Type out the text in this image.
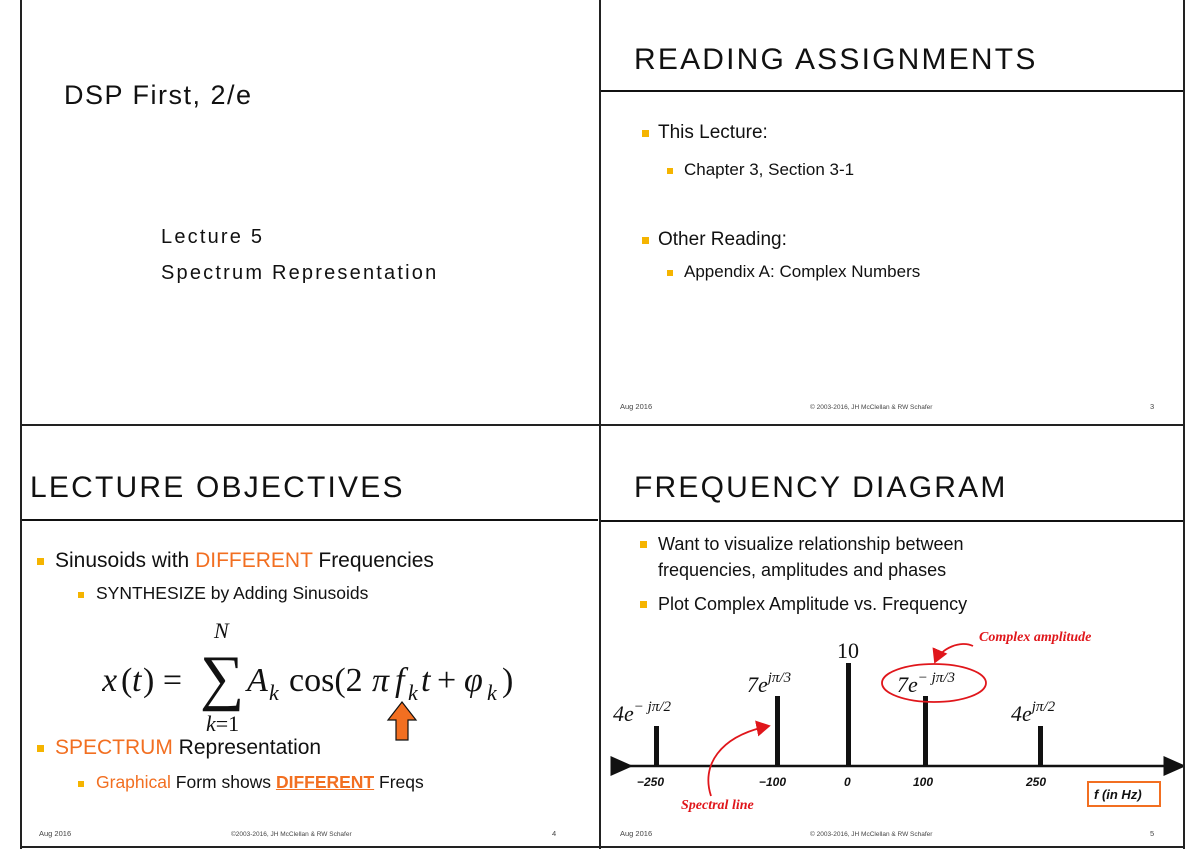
DSP First, 2/e
Lecture 5
Spectrum Representation
READING ASSIGNMENTS
This Lecture:
Chapter 3, Section 3-1
Other Reading:
Appendix A: Complex Numbers
Aug 2016	© 2003-2016, JH McClellan & RW Schafer	3
LECTURE OBJECTIVES
Sinusoids with DIFFERENT Frequencies
SYNTHESIZE by Adding Sinusoids
x ( t ) = ∑
N
k=1
A k cos(2 π f k t + φ k )
SPECTRUM Representation
Graphical Form shows DIFFERENT Freqs
Aug 2016	©2003-2016, JH McClellan & RW Schafer	4
FREQUENCY DIAGRAM
Want to visualize relationship between
frequencies, amplitudes and phases
Plot Complex Amplitude vs. Frequency
$4e^{- j\pi/2}$
$7e^{j\pi/3}$
10
$7e^{- j\pi/3}$
$4e^{j\pi/2}$
Complex amplitude
Spectral line
−250	−100	0	100	250
f (in Hz)
Aug 2016	© 2003-2016, JH McClellan & RW Schafer	5
